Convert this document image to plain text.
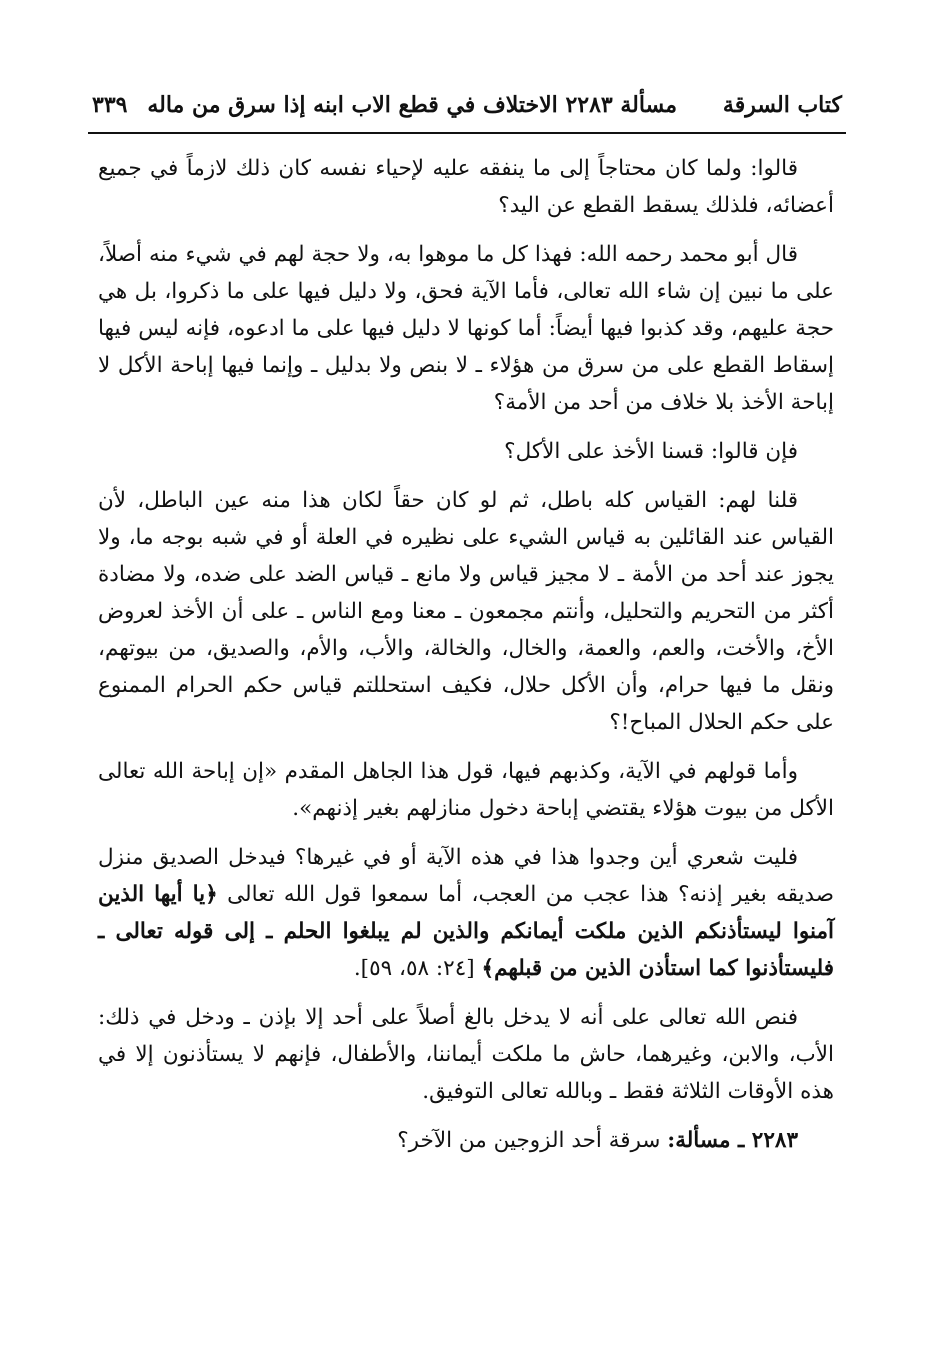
كتاب السرقة
مسألة ٢٢٨٣ الاختلاف في قطع الاب ابنه إذا سرق من ماله
٣٣٩

قالوا: ولما كان محتاجاً إلى ما ينفقه عليه لإحياء نفسه كان ذلك لازماً في جميع أعضائه، فلذلك يسقط القطع عن اليد؟

قال أبو محمد رحمه الله: فهذا كل ما موهوا به، ولا حجة لهم في شيء منه أصلاً، على ما نبين إن شاء الله تعالى، فأما الآية فحق، ولا دليل فيها على ما ذكروا، بل هي حجة عليهم، وقد كذبوا فيها أيضاً: أما كونها لا دليل فيها على ما ادعوه، فإنه ليس فيها إسقاط القطع على من سرق من هؤلاء ـ لا بنص ولا بدليل ـ وإنما فيها إباحة الأكل لا إباحة الأخذ بلا خلاف من أحد من الأمة؟

فإن قالوا: قسنا الأخذ على الأكل؟

قلنا لهم: القياس كله باطل، ثم لو كان حقاً لكان هذا منه عين الباطل، لأن القياس عند القائلين به قياس الشيء على نظيره في العلة أو في شبه بوجه ما، ولا يجوز عند أحد من الأمة ـ لا مجيز قياس ولا مانع ـ قياس الضد على ضده، ولا مضادة أكثر من التحريم والتحليل، وأنتم مجمعون ـ معنا ومع الناس ـ على أن الأخذ لعروض الأخ، والأخت، والعم، والعمة، والخال، والخالة، والأب، والأم، والصديق، من بيوتهم، ونقل ما فيها حرام، وأن الأكل حلال، فكيف استحللتم قياس حكم الحرام الممنوع على حكم الحلال المباح!؟

وأما قولهم في الآية، وكذبهم فيها، قول هذا الجاهل المقدم «إن إباحة الله تعالى الأكل من بيوت هؤلاء يقتضي إباحة دخول منازلهم بغير إذنهم».

فليت شعري أين وجدوا هذا في هذه الآية أو في غيرها؟ فيدخل الصديق منزل صديقه بغير إذنه؟ هذا عجب من العجب، أما سمعوا قول الله تعالى ﴿يا أيها الذين آمنوا ليستأذنكم الذين ملكت أيمانكم والذين لم يبلغوا الحلم ـ إلى قوله تعالى ـ فليستأذنوا كما استأذن الذين من قبلهم﴾ [٢٤: ٥٨، ٥٩].

فنص الله تعالى على أنه لا يدخل بالغ أصلاً على أحد إلا بإذن ـ ودخل في ذلك: الأب، والابن، وغيرهما، حاش ما ملكت أيماننا، والأطفال، فإنهم لا يستأذنون إلا في هذه الأوقات الثلاثة فقط ـ وبالله تعالى التوفيق.

٢٢٨٣ ـ مسألة: سرقة أحد الزوجين من الآخر؟
